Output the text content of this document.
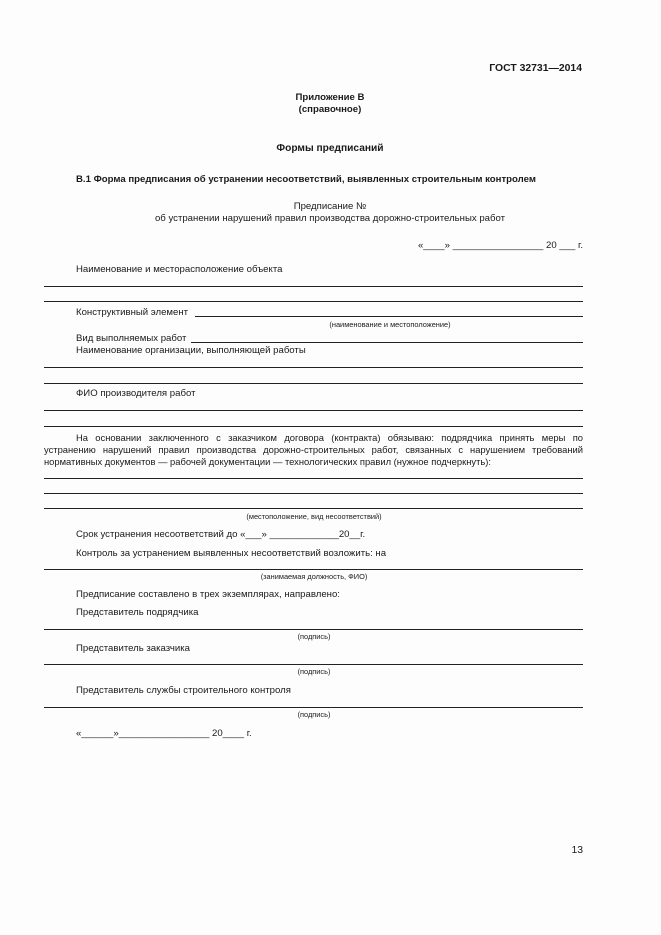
ГОСТ 32731—2014
Приложение В
(справочное)
Формы предписаний
В.1 Форма предписания об устранении несоответствий, выявленных строительным контролем
Предписание №
об устранении нарушений правил производства дорожно-строительных работ
«____» _________________ 20 ___ г.
Наименование и месторасположение объекта
Конструктивный элемент
(наименование и местоположение)
Вид выполняемых работ
Наименование организации, выполняющей работы
ФИО производителя работ
На основании заключенного с заказчиком договора (контракта) обязываю: подрядчика принять меры по
устранению нарушений правил производства дорожно-строительных работ, связанных с нарушением требований
нормативных документов — рабочей документации — технологических правил (нужное подчеркнуть):
(местоположение, вид несоответствий)
Срок устранения несоответствий до «___» _____________20__г.
Контроль за устранением выявленных несоответствий возложить: на
(занимаемая должность, ФИО)
Предписание составлено в трех экземплярах, направлено:
Представитель подрядчика
(подпись)
Представитель заказчика
(подпись)
Представитель службы строительного контроля
(подпись)
«______»_________________ 20____ г.
13
